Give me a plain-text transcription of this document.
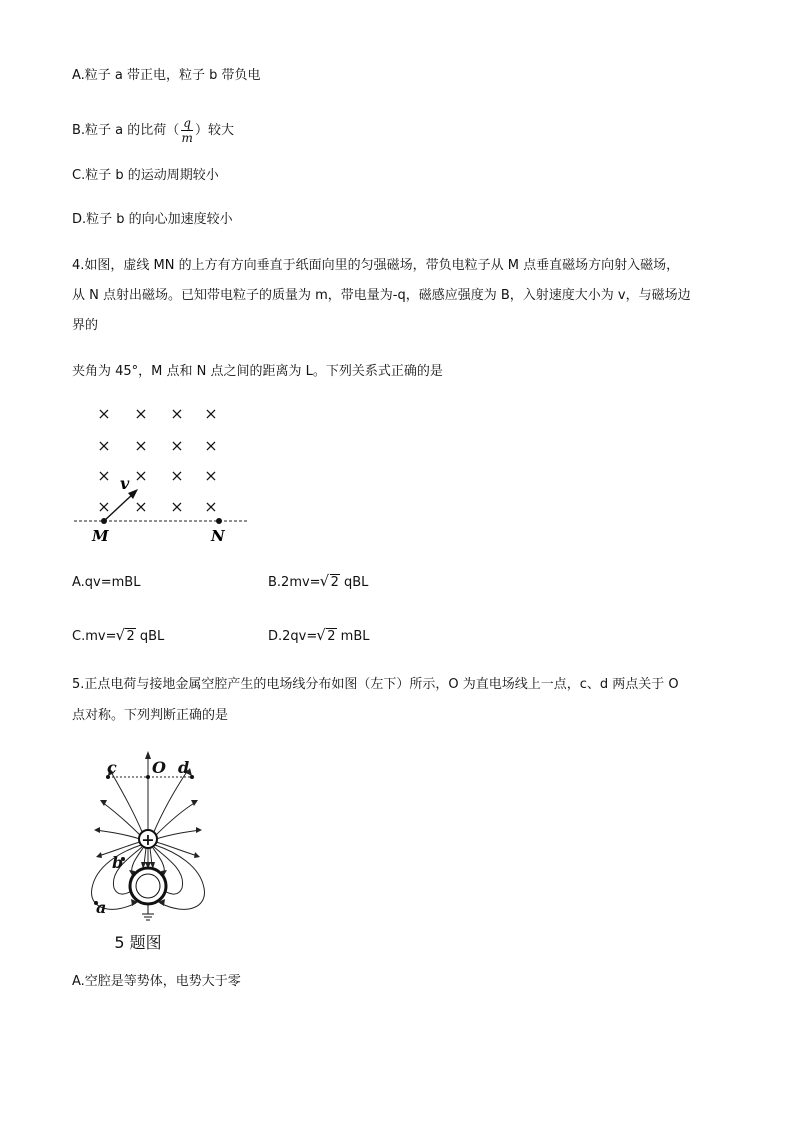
A.粒子 a 带正电，粒子 b 带负电
B.粒子 a 的比荷（ $\frac{q}{m}$ ）较大
C.粒子 b 的运动周期较小
D.粒子 b 的向心加速度较小
4.如图，虚线 MN 的上方有方向垂直于纸面向里的匀强磁场，带负电粒子从 M 点垂直磁场方向射入磁场，
从 N 点射出磁场。已知带电粒子的质量为 m，带电量为-q，磁感应强度为 B，入射速度大小为 v，与磁场边
界的
夹角为 45°，M 点和 N 点之间的距离为 L。下列关系式正确的是
× × × ×
× × × ×
× × × ×
× × × ×
v
M	N
A.qv=mBL	B.2mv= √ 2 qBL
C.mv= √ 2 qBL	D.2qv= √ 2 mBL
5.正点电荷与接地金属空腔产生的电场线分布如图（左下）所示，O 为直电场线上一点，c、d 两点关于 O
点对称。下列判断正确的是
+
c O d
b
a
5 题图
A.空腔是等势体，电势大于零
